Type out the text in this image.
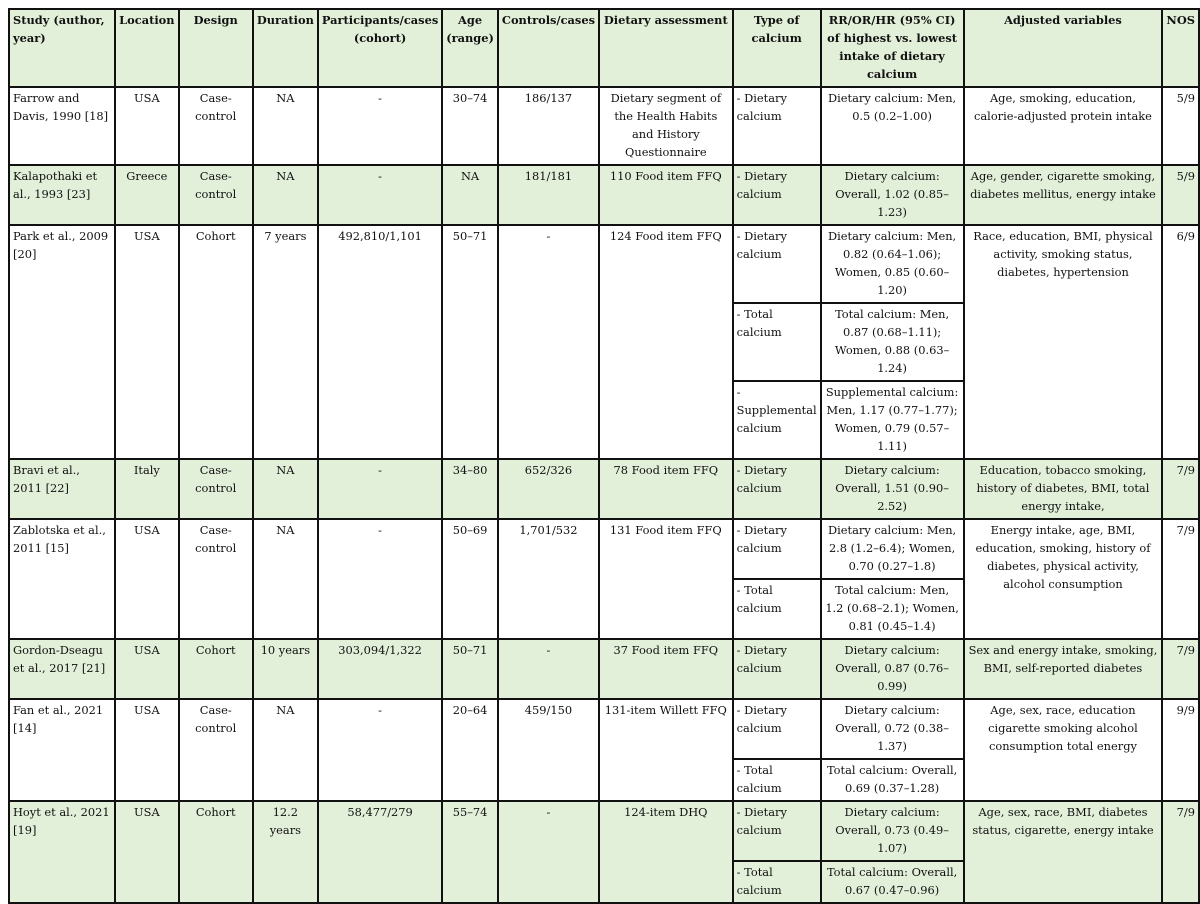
Study (author, year)	Location	Design	Duration	Participants/cases (cohort)	Age (range)	Controls/cases	Dietary assessment	Type of calcium	RR/OR/HR (95% CI) of highest vs. lowest intake of dietary calcium	Adjusted variables	NOS
Farrow and Davis, 1990 [18]	USA	Case-control	NA	-	30–74	186/137	Dietary segment of the Health Habits and History Questionnaire	- Dietary calcium	Dietary calcium: Men, 0.5 (0.2–1.00)	Age, smoking, education, calorie-adjusted protein intake	5/9
Kalapothaki et al., 1993 [23]	Greece	Case-control	NA	-	NA	181/181	110 Food item FFQ	- Dietary calcium	Dietary calcium: Overall, 1.02 (0.85–1.23)	Age, gender, cigarette smoking, diabetes mellitus, energy intake	5/9
Park et al., 2009 [20]	USA	Cohort	7 years	492,810/1,101	50–71	-	124 Food item FFQ	- Dietary calcium	Dietary calcium: Men, 0.82 (0.64–1.06); Women, 0.85 (0.60–1.20)	Race, education, BMI, physical activity, smoking status, diabetes, hypertension	6/9
								- Total calcium	Total calcium: Men, 0.87 (0.68–1.11); Women, 0.88 (0.63–1.24)		
								- Supplemental calcium	Supplemental calcium: Men, 1.17 (0.77–1.77); Women, 0.79 (0.57–1.11)		
Bravi et al., 2011 [22]	Italy	Case-control	NA	-	34–80	652/326	78 Food item FFQ	- Dietary calcium	Dietary calcium: Overall, 1.51 (0.90–2.52)	Education, tobacco smoking, history of diabetes, BMI, total energy intake,	7/9
Zablotska et al., 2011 [15]	USA	Case-control	NA	-	50–69	1,701/532	131 Food item FFQ	- Dietary calcium	Dietary calcium: Men, 2.8 (1.2–6.4); Women, 0.70 (0.27–1.8)	Energy intake, age, BMI, education, smoking, history of diabetes, physical activity, alcohol consumption	7/9
								- Total calcium	Total calcium: Men, 1.2 (0.68–2.1); Women, 0.81 (0.45–1.4)		
Gordon-Dseagu et al., 2017 [21]	USA	Cohort	10 years	303,094/1,322	50–71	-	37 Food item FFQ	- Dietary calcium	Dietary calcium: Overall, 0.87 (0.76–0.99)	Sex and energy intake, smoking, BMI, self-reported diabetes	7/9
Fan et al., 2021 [14]	USA	Case-control	NA	-	20–64	459/150	131-item Willett FFQ	- Dietary calcium	Dietary calcium: Overall, 0.72 (0.38–1.37)	Age, sex, race, education cigarette smoking alcohol consumption total energy	9/9
								- Total calcium	Total calcium: Overall, 0.69 (0.37–1.28)		
Hoyt et al., 2021 [19]	USA	Cohort	12.2 years	58,477/279	55–74	-	124-item DHQ	- Dietary calcium	Dietary calcium: Overall, 0.73 (0.49–1.07)	Age, sex, race, BMI, diabetes status, cigarette, energy intake	7/9
								- Total calcium	Total calcium: Overall, 0.67 (0.47–0.96)		
